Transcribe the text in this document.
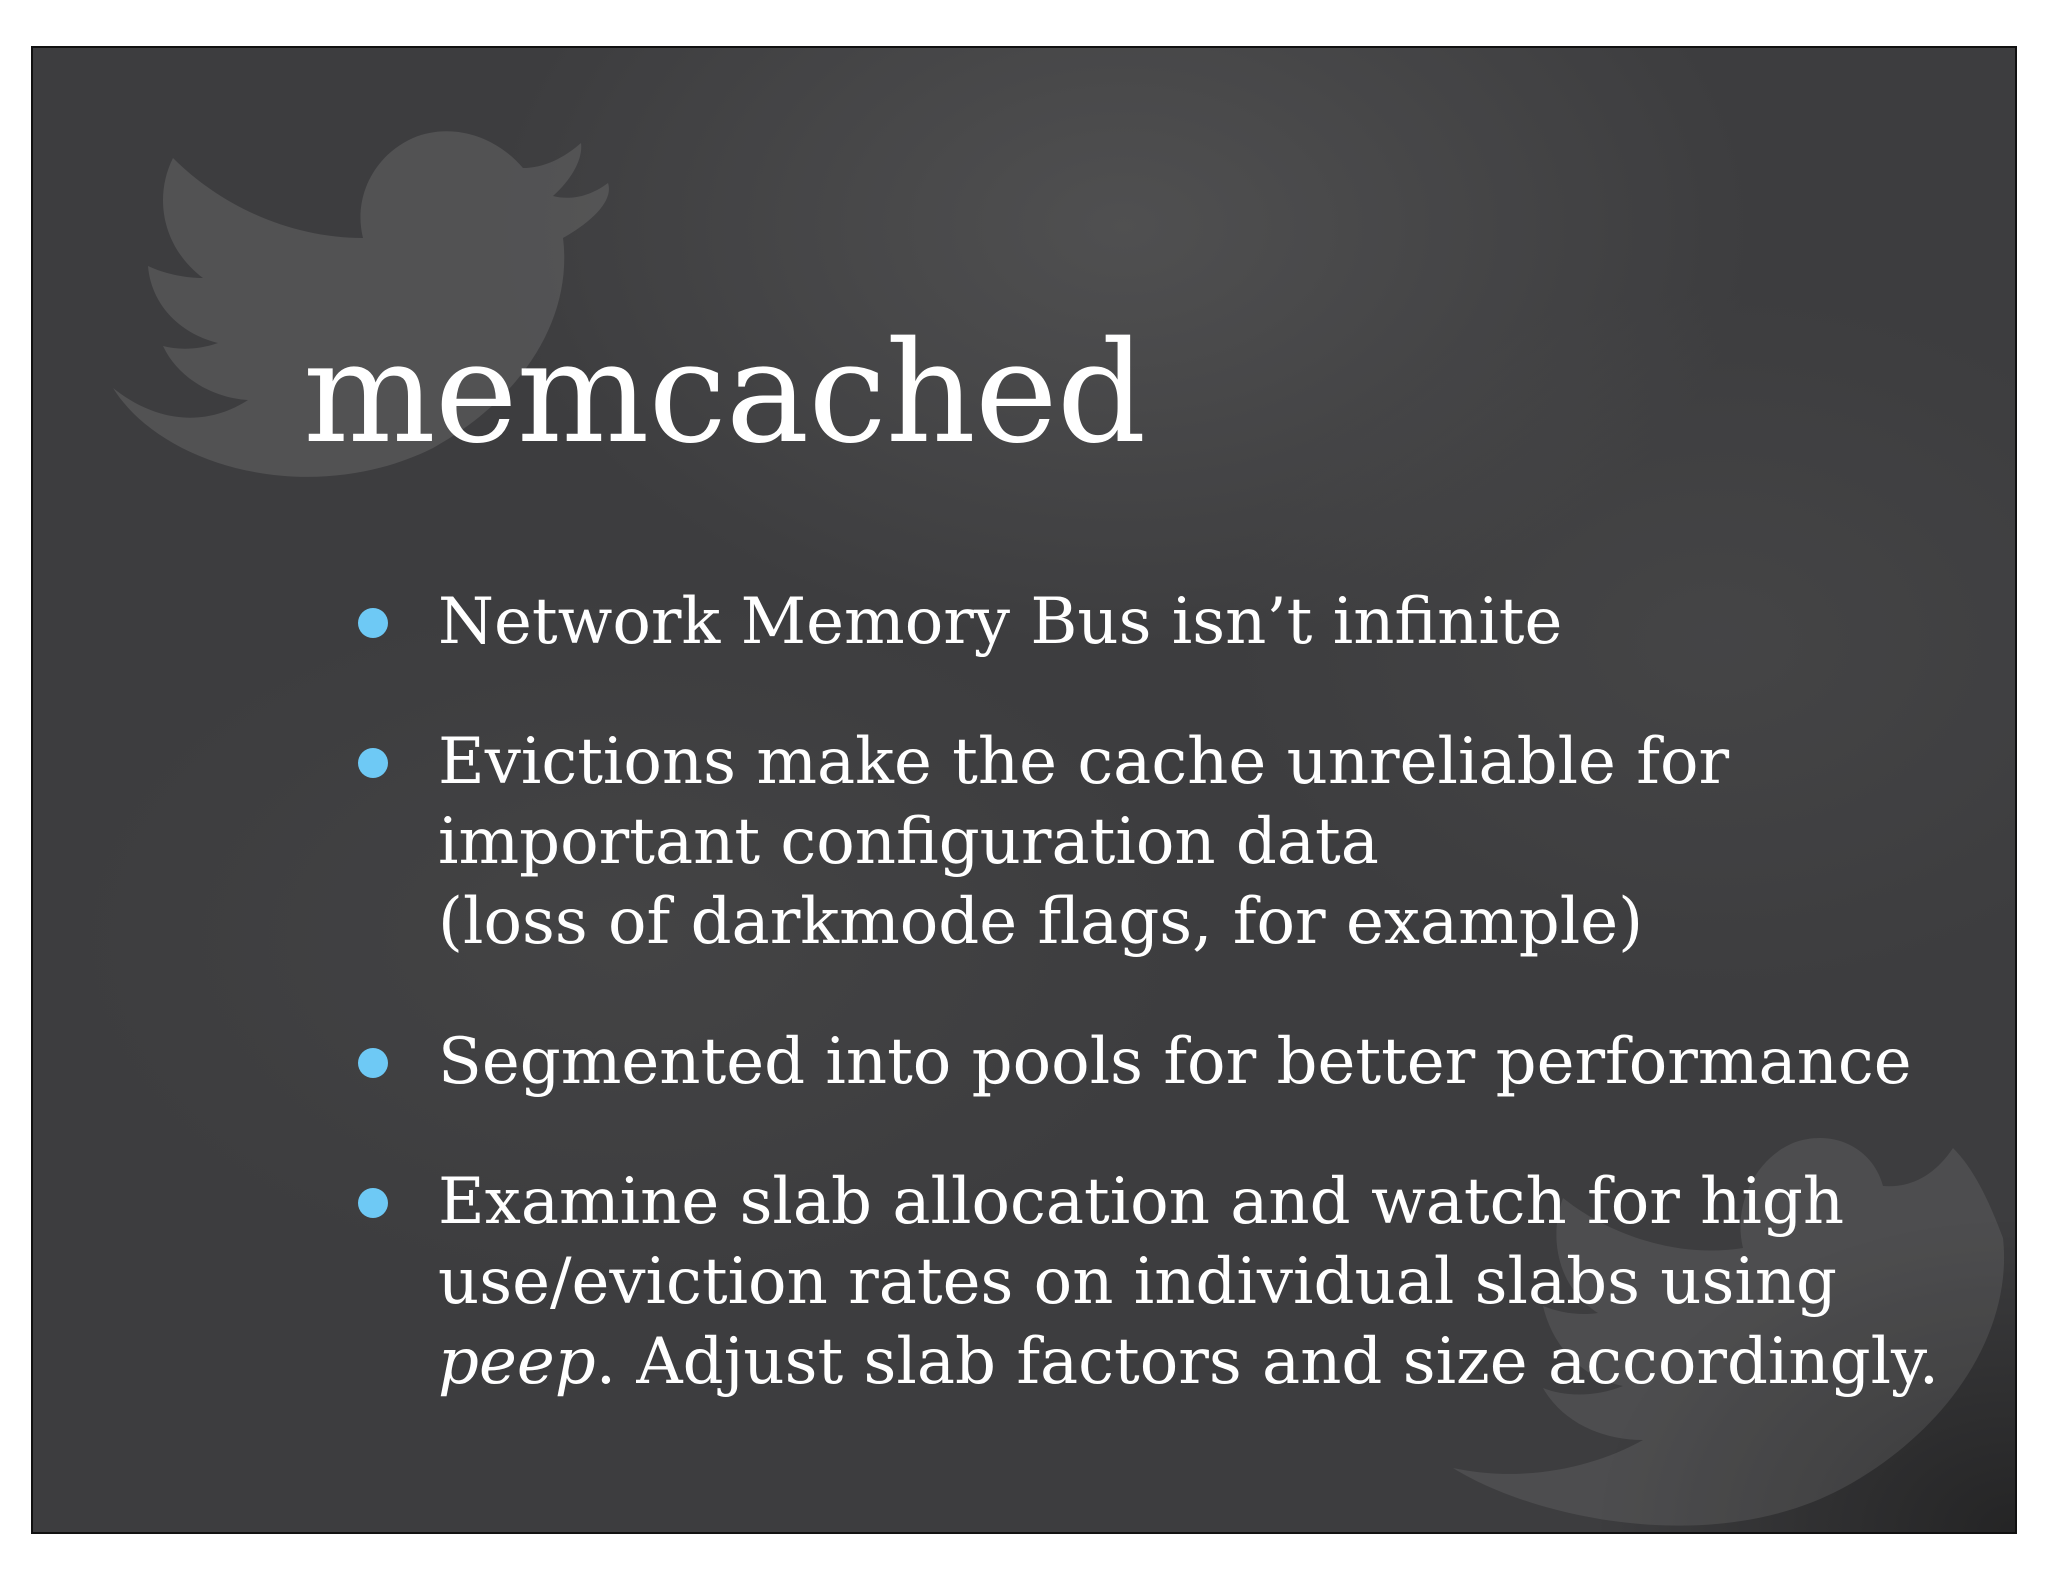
memcached
Network Memory Bus isn’t infinite
Evictions make the cache unreliable for
important configuration data
(loss of darkmode flags, for example)
Segmented into pools for better performance
Examine slab allocation and watch for high
use/eviction rates on individual slabs using
peep. Adjust slab factors and size accordingly.
